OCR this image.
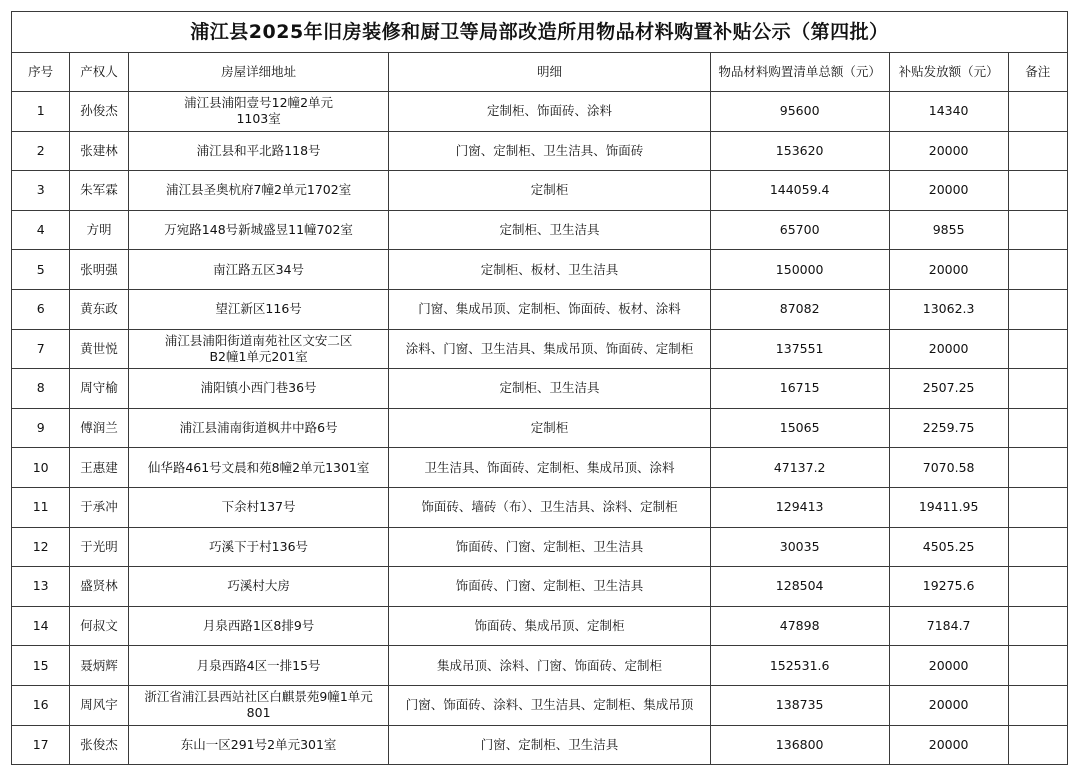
浦江县2025年旧房装修和厨卫等局部改造所用物品材料购置补贴公示（第四批）						
序号	产权人	房屋详细地址	明细	物品材料购置清单总额（元）	补贴发放额（元）	备注
1	孙俊杰	浦江县浦阳壹号12幢2单元
1103室	定制柜、饰面砖、涂料	95600	14340	
2	张建林	浦江县和平北路118号	门窗、定制柜、卫生洁具、饰面砖	153620	20000	
3	朱军霖	浦江县圣奥杭府7幢2单元1702室	定制柜	144059.4	20000	
4	方明	万宛路148号新城盛昱11幢702室	定制柜、卫生洁具	65700	9855	
5	张明强	南江路五区34号	定制柜、板材、卫生洁具	150000	20000	
6	黄东政	望江新区116号	门窗、集成吊顶、定制柜、饰面砖、板材、涂料	87082	13062.3	
7	黄世悦	浦江县浦阳街道南苑社区文安二区
B2幢1单元201室	涂料、门窗、卫生洁具、集成吊顶、饰面砖、定制柜	137551	20000	
8	周守榆	浦阳镇小西门巷36号	定制柜、卫生洁具	16715	2507.25	
9	傅润兰	浦江县浦南街道枫井中路6号	定制柜	15065	2259.75	
10	王惠建	仙华路461号文晨和苑8幢2单元1301室	卫生洁具、饰面砖、定制柜、集成吊顶、涂料	47137.2	7070.58	
11	于承冲	下余村137号	饰面砖、墙砖（布）、卫生洁具、涂料、定制柜	129413	19411.95	
12	于光明	巧溪下于村136号	饰面砖、门窗、定制柜、卫生洁具	30035	4505.25	
13	盛贤林	巧溪村大房	饰面砖、门窗、定制柜、卫生洁具	128504	19275.6	
14	何叔文	月泉西路1区8排9号	饰面砖、集成吊顶、定制柜	47898	7184.7	
15	聂炳辉	月泉西路4区一排15号	集成吊顶、涂料、门窗、饰面砖、定制柜	152531.6	20000	
16	周风宇	浙江省浦江县西站社区白麒景苑9幢1单元
801	门窗、饰面砖、涂料、卫生洁具、定制柜、集成吊顶	138735	20000	
17	张俊杰	东山一区291号2单元301室	门窗、定制柜、卫生洁具	136800	20000	
